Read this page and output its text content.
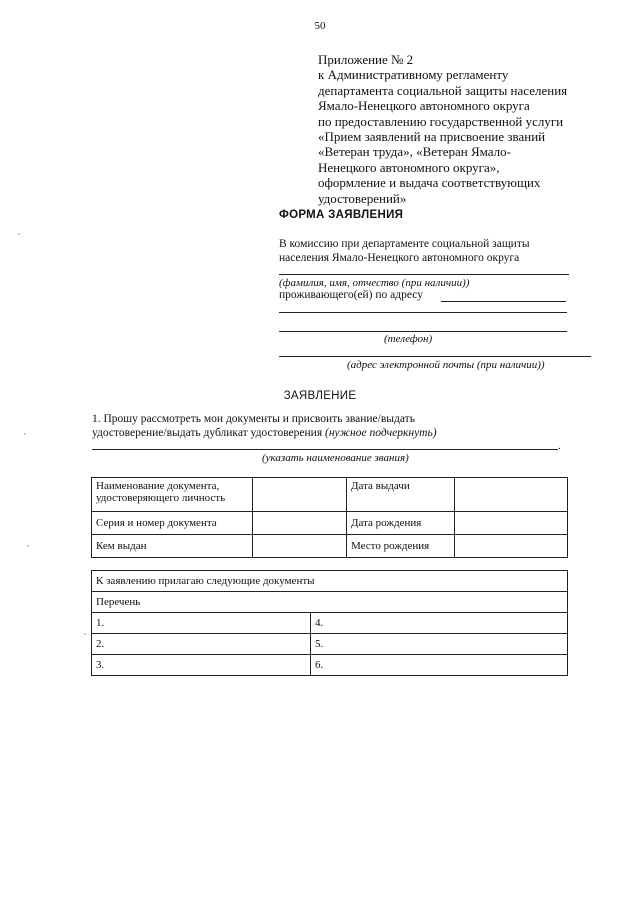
50
Приложение № 2
к Административному регламенту
департамента социальной защиты населения
Ямало-Ненецкого автономного округа
по предоставлению государственной услуги
«Прием заявлений на присвоение званий
«Ветеран труда», «Ветеран Ямало-
Ненецкого автономного округа»,
оформление и выдача соответствующих
удостоверений»
ФОРМА ЗАЯВЛЕНИЯ
В комиссию при департаменте социальной защиты
населения Ямало-Ненецкого автономного округа
(фамилия, имя, отчество (при наличии))
проживающего(ей) по адресу
(телефон)
(адрес электронной почты (при наличии))
ЗАЯВЛЕНИЕ
1. Прошу рассмотреть мои документы и присвоить звание/выдать
удостоверение/выдать дубликат удостоверения (нужное подчеркнуть)
.
(указать наименование звания)
Наименование документа, удостоверяющего личность		Дата выдачи	
Серия и номер документа		Дата рождения	
Кем выдан		Место рождения	
К заявлению прилагаю следующие документы	
Перечень	
1.	4.
2.	5.
3.	6.
